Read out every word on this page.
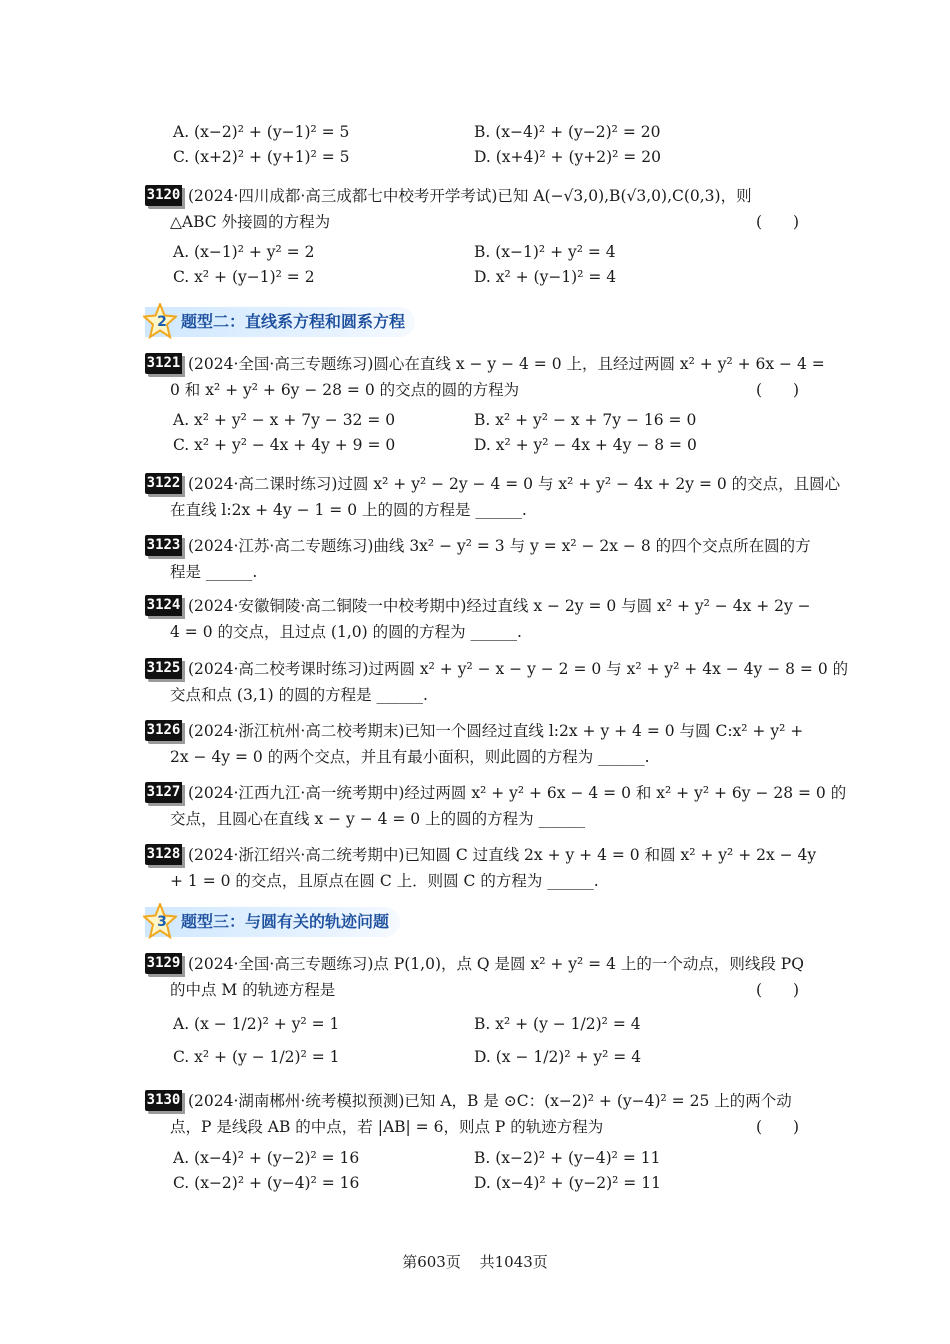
A. (x−2)² + (y−1)² = 5	B. (x−4)² + (y−2)² = 20
C. (x+2)² + (y+1)² = 5	D. (x+4)² + (y+2)² = 20
3120 (2024·四川成都·高三成都七中校考开学考试)已知 A(−√3,0),B(√3,0),C(0,3)，则
△ABC 外接圆的方程为	(　　)
A. (x−1)² + y² = 2	B. (x−1)² + y² = 4
C. x² + (y−1)² = 2	D. x² + (y−1)² = 4
2 题型二：直线系方程和圆系方程
3121 (2024·全国·高三专题练习)圆心在直线 x − y − 4 = 0 上，且经过两圆 x² + y² + 6x − 4 =
0 和 x² + y² + 6y − 28 = 0 的交点的圆的方程为	(　　)
A. x² + y² − x + 7y − 32 = 0	B. x² + y² − x + 7y − 16 = 0
C. x² + y² − 4x + 4y + 9 = 0	D. x² + y² − 4x + 4y − 8 = 0
3122 (2024·高二课时练习)过圆 x² + y² − 2y − 4 = 0 与 x² + y² − 4x + 2y = 0 的交点，且圆心
在直线 l:2x + 4y − 1 = 0 上的圆的方程是 ______.
3123 (2024·江苏·高二专题练习)曲线 3x² − y² = 3 与 y = x² − 2x − 8 的四个交点所在圆的方
程是 ______.
3124 (2024·安徽铜陵·高二铜陵一中校考期中)经过直线 x − 2y = 0 与圆 x² + y² − 4x + 2y −
4 = 0 的交点，且过点 (1,0) 的圆的方程为 ______.
3125 (2024·高二校考课时练习)过两圆 x² + y² − x − y − 2 = 0 与 x² + y² + 4x − 4y − 8 = 0 的
交点和点 (3,1) 的圆的方程是 ______.
3126 (2024·浙江杭州·高二校考期末)已知一个圆经过直线 l:2x + y + 4 = 0 与圆 C:x² + y² +
2x − 4y = 0 的两个交点，并且有最小面积，则此圆的方程为 ______.
3127 (2024·江西九江·高一统考期中)经过两圆 x² + y² + 6x − 4 = 0 和 x² + y² + 6y − 28 = 0 的
交点，且圆心在直线 x − y − 4 = 0 上的圆的方程为 ______
3128 (2024·浙江绍兴·高二统考期中)已知圆 C 过直线 2x + y + 4 = 0 和圆 x² + y² + 2x − 4y
+ 1 = 0 的交点，且原点在圆 C 上．则圆 C 的方程为 ______.
3 题型三：与圆有关的轨迹问题
3129 (2024·全国·高三专题练习)点 P(1,0)，点 Q 是圆 x² + y² = 4 上的一个动点，则线段 PQ
的中点 M 的轨迹方程是	(　　)
A. (x − 1/2)² + y² = 1	B. x² + (y − 1/2)² = 4
C. x² + (y − 1/2)² = 1	D. (x − 1/2)² + y² = 4
3130 (2024·湖南郴州·统考模拟预测)已知 A，B 是 ⊙C：(x−2)² + (y−4)² = 25 上的两个动
点，P 是线段 AB 的中点，若 |AB| = 6，则点 P 的轨迹方程为	(　　)
A. (x−4)² + (y−2)² = 16	B. (x−2)² + (y−4)² = 11
C. (x−2)² + (y−4)² = 16	D. (x−4)² + (y−2)² = 11
第603页 共1043页
